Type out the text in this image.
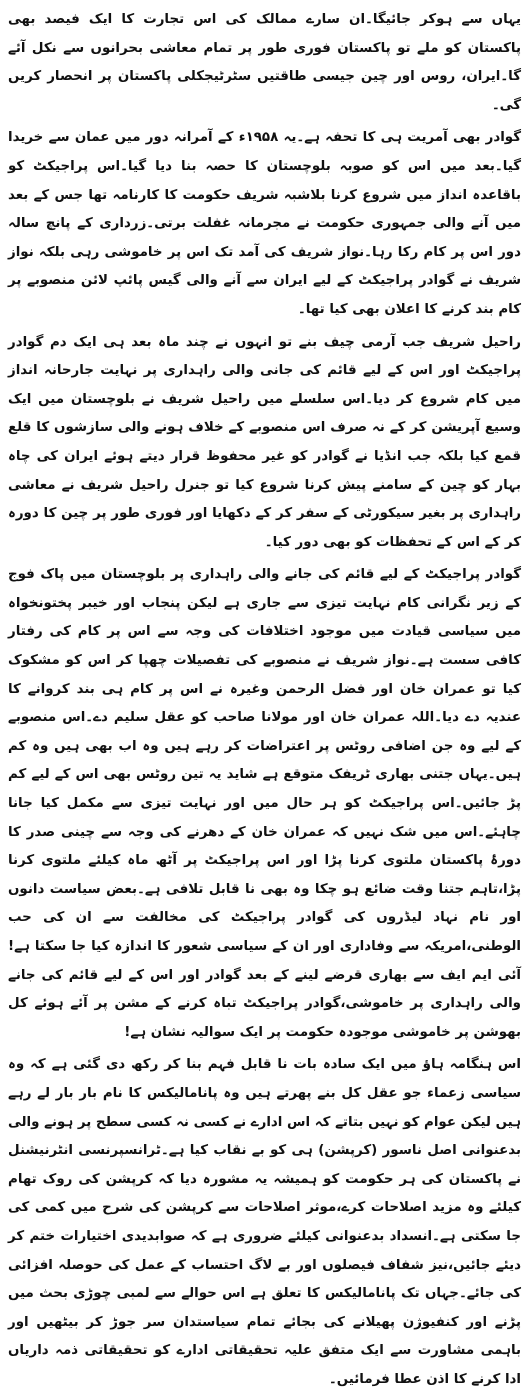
یہاں سے ہوکر جائیگا۔ان سارے ممالک کی اس تجارت کا ایک فیصد بھی پاکستان کو ملے تو پاکستان فوری طور پر تمام معاشی بحرانوں سے نکل آئے گا۔ایران، روس اور چین جیسی طاقتیں سٹرٹیجکلی پاکستان پر انحصار کریں گی۔

گوادر بھی آمریت ہی کا تحفہ ہے۔یہ ۱۹۵۸ء کے آمرانہ دور میں عمان سے خریدا گیا۔بعد میں اس کو صوبہ بلوچستان کا حصہ بنا دیا گیا۔اس پراجیکٹ کو باقاعدہ انداز میں شروع کرنا بلاشبہ شریف حکومت کا کارنامہ تھا جس کے بعد میں آنے والی جمہوری حکومت نے مجرمانہ غفلت برتی۔زرداری کے پانچ سالہ دور اس پر کام رکا رہا۔نواز شریف کی آمد تک اس پر خاموشی رہی بلکہ نواز شریف نے گوادر پراجیکٹ کے لیے ایران سے آنے والی گیس پائپ لائن منصوبے پر کام بند کرنے کا اعلان بھی کیا تھا۔

راحیل شریف جب آرمی چیف بنے تو انہوں نے چند ماہ بعد ہی ایک دم گوادر پراجیکٹ اور اس کے لیے قائم کی جانی والی راہداری پر نہایت جارحانہ انداز میں کام شروع کر دیا۔اس سلسلے میں راحیل شریف نے بلوچستان میں ایک وسیع آپریشن کر کے نہ صرف اس منصوبے کے خلاف ہونے والی سازشوں کا قلع قمع کیا بلکہ جب انڈیا نے گوادر کو غیر محفوظ قرار دیتے ہوئے ایران کی چاہ بہار کو چین کے سامنے پیش کرنا شروع کیا تو جنرل راحیل شریف نے معاشی راہداری پر بغیر سیکورٹی کے سفر کر کے دکھایا اور فوری طور پر چین کا دورہ کر کے اس کے تحفظات کو بھی دور کیا۔

گوادر پراجیکٹ کے لیے قائم کی جانے والی راہداری پر بلوچستان میں پاک فوج کے زیر نگرانی کام نہایت تیزی سے جاری ہے لیکن پنجاب اور خیبر پختونخواہ میں سیاسی قیادت میں موجود اختلافات کی وجہ سے اس پر کام کی رفتار کافی سست ہے۔نواز شریف نے منصوبے کی تفصیلات چھپا کر اس کو مشکوک کیا تو عمران خان اور فضل الرحمن وغیرہ نے اس پر کام ہی بند کروانے کا عندیہ دے دیا۔اللہ عمران خان اور مولانا صاحب کو عقل سلیم دے۔اس منصوبے کے لیے وہ جن اضافی روٹس پر اعتراضات کر رہے ہیں وہ اب بھی ہیں وہ کم ہیں۔یہاں جتنی بھاری ٹریفک متوقع ہے شاید یہ تین روٹس بھی اس کے لیے کم پڑ جائیں۔اس پراجیکٹ کو ہر حال میں اور نہایت تیزی سے مکمل کیا جانا چاہئے۔اس میں شک نہیں کہ عمران خان کے دھرنے کی وجہ سے چینی صدر کا دورۂ پاکستان ملتوی کرنا پڑا اور اس پراجیکٹ پر آٹھ ماہ کیلئے ملتوی کرنا پڑا،تاہم جتنا وقت ضائع ہو چکا وہ بھی نا قابل تلافی ہے۔بعض سیاست دانوں اور نام نہاد لیڈروں کی گوادر پراجیکٹ کی مخالفت سے ان کی حب الوطنی،امریکہ سے وفاداری اور ان کے سیاسی شعور کا اندازہ کیا جا سکتا ہے! آئی ایم ایف سے بھاری قرضے لینے کے بعد گوادر اور اس کے لیے قائم کی جانے والی راہداری پر خاموشی،گوادر پراجیکٹ تباہ کرنے کے مشن پر آئے ہوئے کل بھوشن پر خاموشی موجودہ حکومت پر ایک سوالیہ نشان ہے!

اس ہنگامہ ہاؤ میں ایک سادہ بات نا قابل فہم بنا کر رکھ دی گئی ہے کہ وہ سیاسی زعماء جو عقل کل بنے پھرتے ہیں وہ پانامالیکس کا نام بار بار لے رہے ہیں لیکن عوام کو نہیں بتاتے کہ اس ادارے نے کسی نہ کسی سطح پر ہونے والی بدعنوانی اصل ناسور (کرپشن) ہی کو بے نقاب کیا ہے۔ٹرانسپرنسی انٹرنیشنل نے پاکستان کی ہر حکومت کو ہمیشہ یہ مشورہ دیا کہ کرپشن کی روک تھام کیلئے وہ مزید اصلاحات کرے،موثر اصلاحات سے کرپشن کی شرح میں کمی کی جا سکتی ہے۔انسداد بدعنوانی کیلئے ضروری ہے کہ صوابدیدی اختیارات ختم کر دیئے جائیں،نیز شفاف فیصلوں اور بے لاگ احتساب کے عمل کی حوصلہ افزائی کی جائے۔جہاں تک پانامالیکس کا تعلق ہے اس حوالے سے لمبی چوڑی بحث میں پڑنے اور کنفیوژن پھیلانے کی بجائے تمام سیاستدان سر جوڑ کر بیٹھیں اور باہمی مشاورت سے ایک متفق علیہ تحقیقاتی ادارے کو تحقیقاتی ذمہ داریاں ادا کرنے کا اذن عطا فرمائیں۔
